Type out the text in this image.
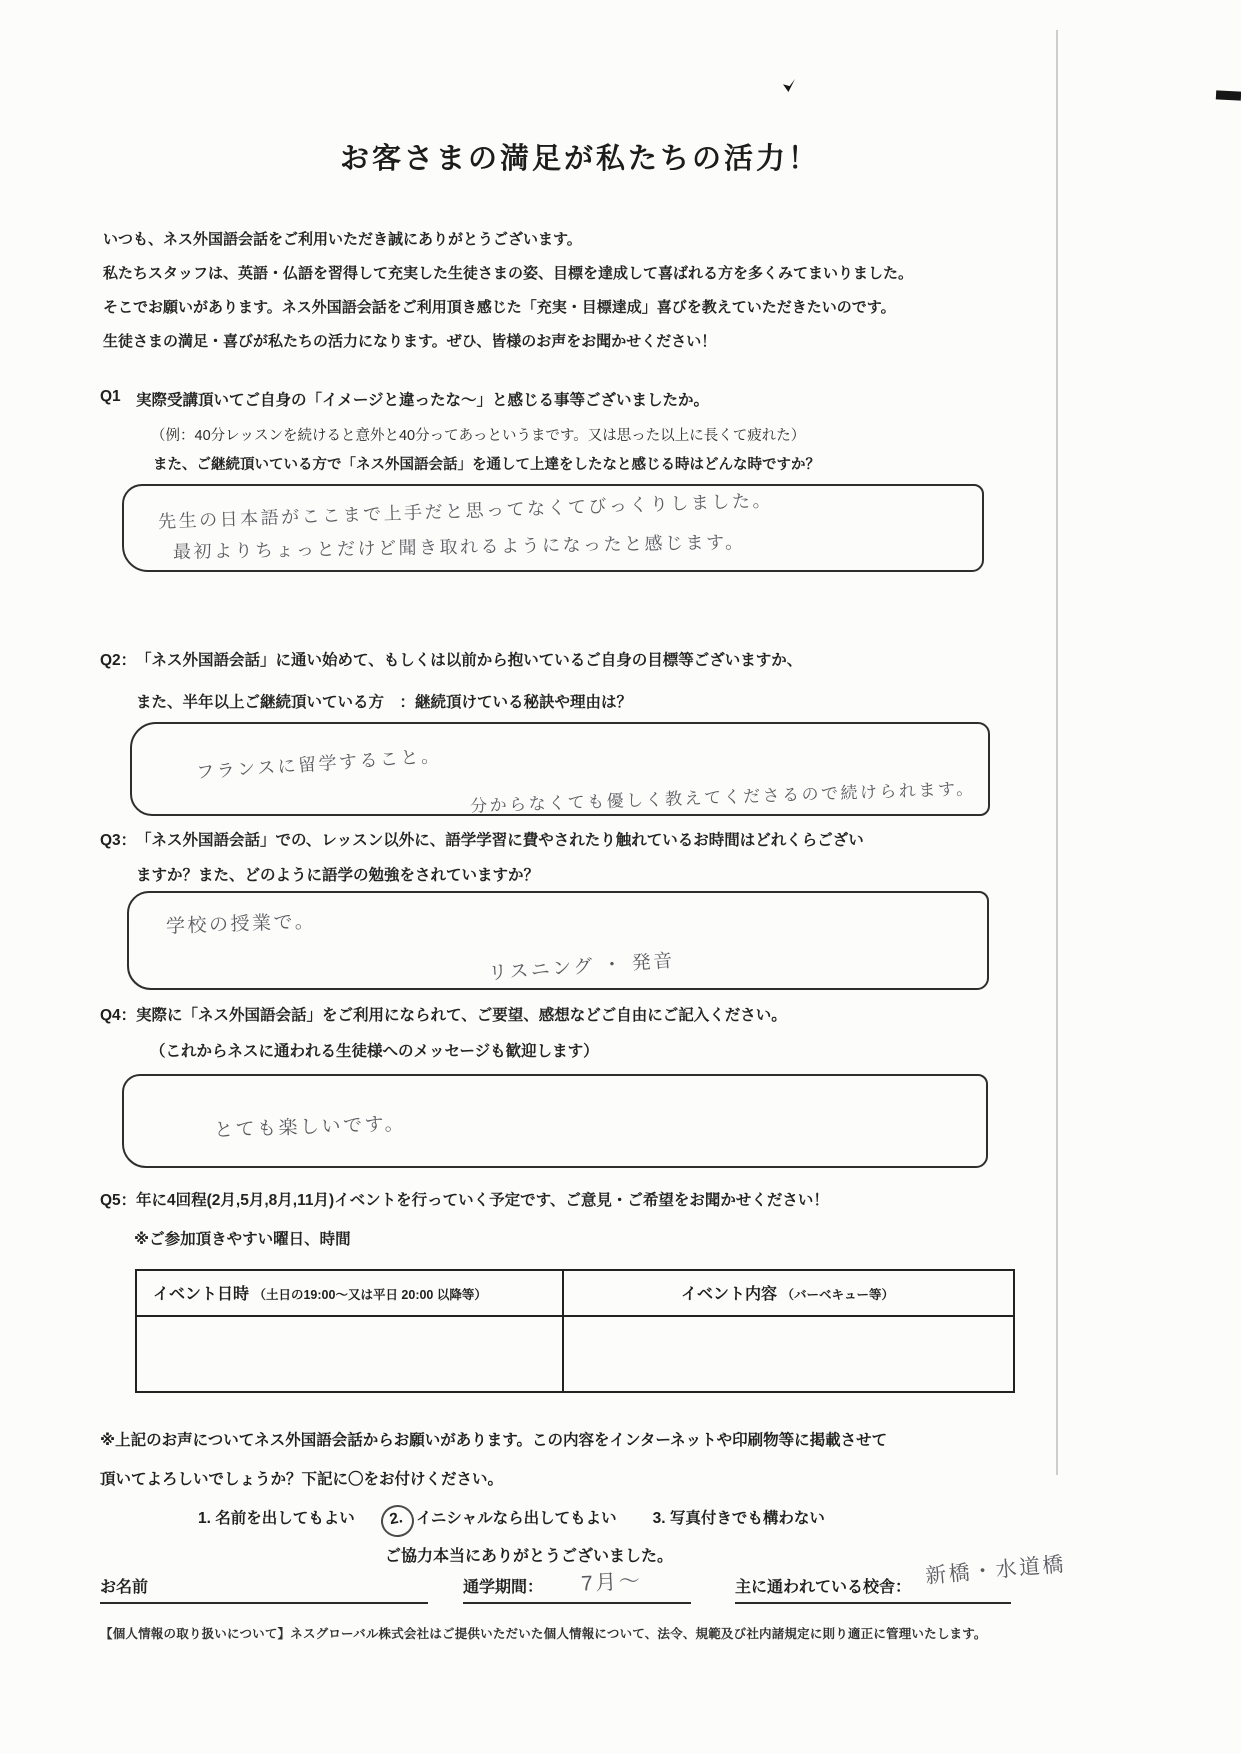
お客さまの満足が私たちの活力！
いつも、ネス外国語会話をご利用いただき誠にありがとうございます。
私たちスタッフは、英語・仏語を習得して充実した生徒さまの姿、目標を達成して喜ばれる方を多くみてまいりました。
そこでお願いがあります。ネス外国語会話をご利用頂き感じた「充実・目標達成」喜びを教えていただきたいのです。
生徒さまの満足・喜びが私たちの活力になります。ぜひ、皆様のお声をお聞かせください！
Q1 実際受講頂いてご自身の「イメージと違ったな～」と感じる事等ございましたか。
（例：40分レッスンを続けると意外と40分ってあっというまです。又は思った以上に長くて疲れた）
また、ご継続頂いている方で「ネス外国語会話」を通して上達をしたなと感じる時はどんな時ですか？
先生の日本語がここまで上手だと思ってなくてびっくりしました。
最初よりちょっとだけど聞き取れるようになったと感じます。
Q2： 「ネス外国語会話」に通い始めて、もしくは以前から抱いているご自身の目標等ございますか、
また、半年以上ご継続頂いている方　：継続頂けている秘訣や理由は？
フランスに留学すること。
分からなくても優しく教えてくださるので続けられます。
Q3： 「ネス外国語会話」での、レッスン以外に、語学学習に費やされたり触れているお時間はどれくらござい
ますか？また、どのように語学の勉強をされていますか？
学校の授業で。
リスニング ・ 発音
Q4： 実際に「ネス外国語会話」をご利用になられて、ご要望、感想などご自由にご記入ください。
（これからネスに通われる生徒様へのメッセージも歓迎します）
とても楽しいです。
Q5： 年に4回程(2月,5月,8月,11月)イベントを行っていく予定です、ご意見・ご希望をお聞かせください！
※ご参加頂きやすい曜日、時間
イベント日時 （土日の19:00～又は平日 20:00 以降等）	イベント内容 （バーベキュー等）
※上記のお声についてネス外国語会話からお願いがあります。この内容をインターネットや印刷物等に掲載させて
頂いてよろしいでしょうか？下記に〇をお付けください。
1. 名前を出してもよい 2. イニシャルなら出してもよい 3. 写真付きでも構わない
ご協力本当にありがとうございました。
お名前	通学期間： 7月～	主に通われている校舎： 新橋・水道橋
【個人情報の取り扱いについて】ネスグローバル株式会社はご提供いただいた個人情報について、法令、規範及び社内諸規定に則り適正に管理いたします。
